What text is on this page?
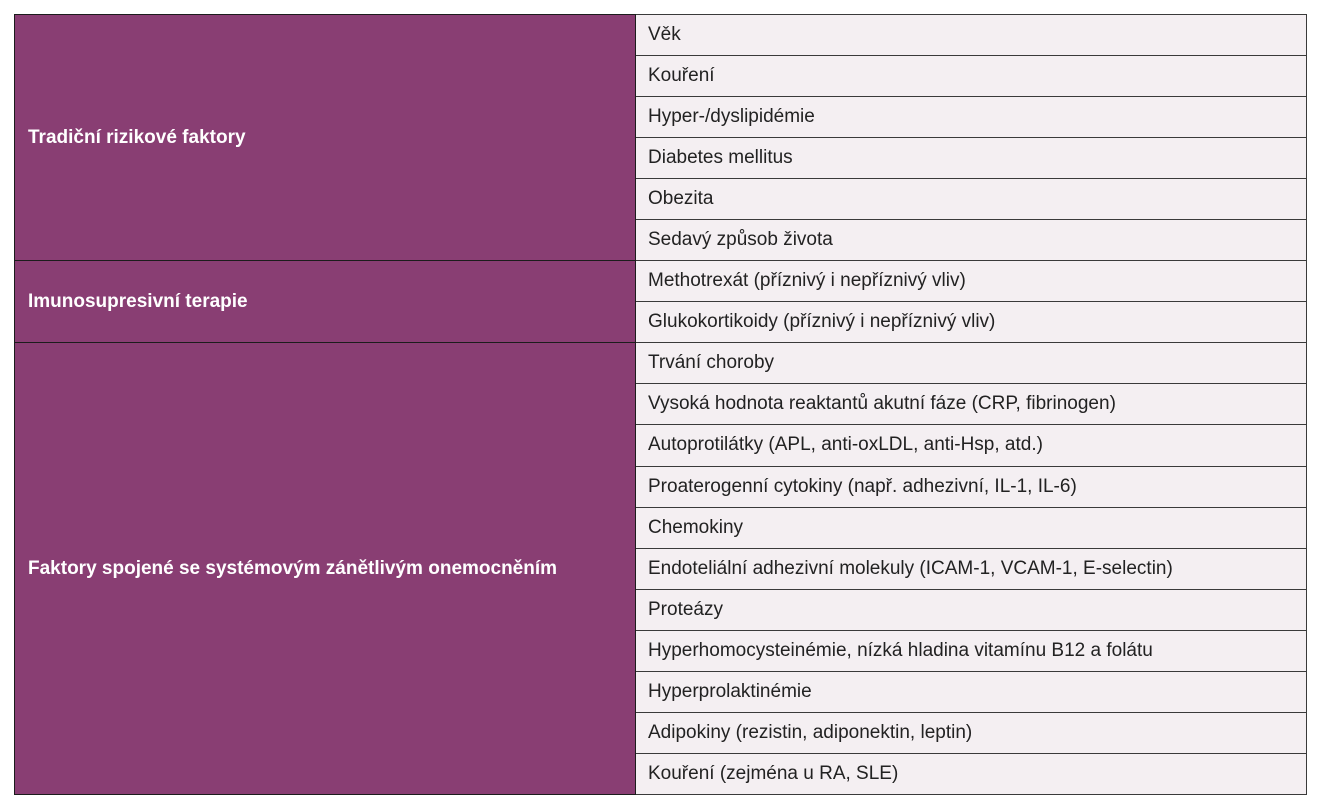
Tradiční rizikové faktory	Věk
	Kouření
	Hyper-/dyslipidémie
	Diabetes mellitus
	Obezita
	Sedavý způsob života
Imunosupresivní terapie	Methotrexát (příznivý i nepříznivý vliv)
	Glukokortikoidy (příznivý i nepříznivý vliv)
Faktory spojené se systémovým zánětlivým onemocněním	Trvání choroby
	Vysoká hodnota reaktantů akutní fáze (CRP, fibrinogen)
	Autoprotilátky (APL, anti-oxLDL, anti-Hsp, atd.)
	Proaterogenní cytokiny (např. adhezivní, IL-1, IL-6)
	Chemokiny
	Endoteliální adhezivní molekuly (ICAM-1, VCAM-1, E-selectin)
	Proteázy
	Hyperhomocysteinémie, nízká hladina vitamínu B12 a folátu
	Hyperprolaktinémie
	Adipokiny (rezistin, adiponektin, leptin)
	Kouření (zejména u RA, SLE)
